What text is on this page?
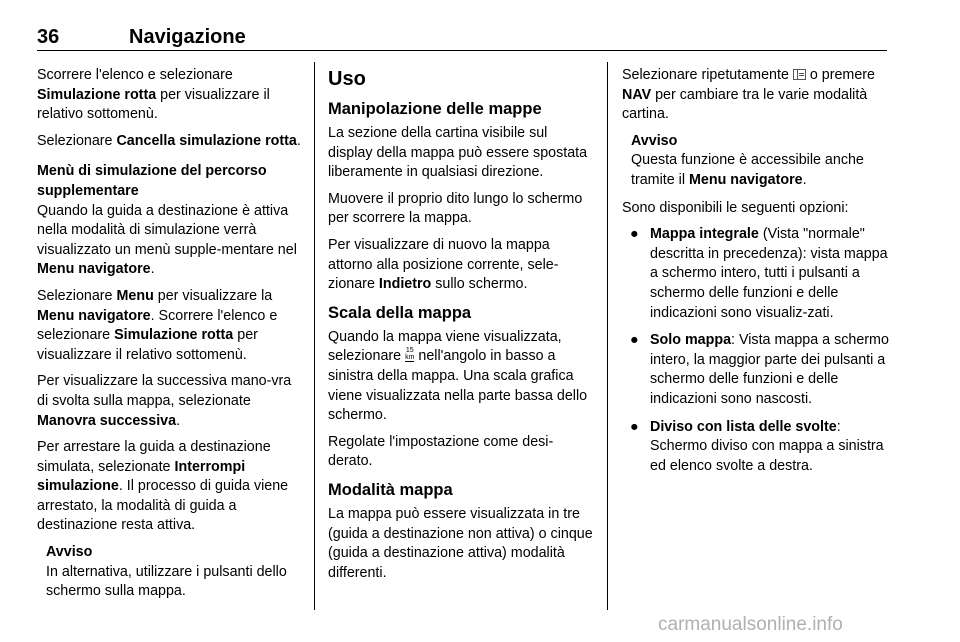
36	Navigazione

Scorrere l'elenco e selezionare Simulazione rotta per visualizzare il relativo sottomenù.

Selezionare Cancella simulazione rotta.

Menù di simulazione del percorso supplementare

Quando la guida a destinazione è attiva nella modalità di simulazione verrà visualizzato un menù supple‐mentare nel Menu navigatore.

Selezionare Menu per visualizzare la Menu navigatore. Scorrere l'elenco e selezionare Simulazione rotta per visualizzare il relativo sottomenù.

Per visualizzare la successiva mano‐vra di svolta sulla mappa, selezionate Manovra successiva.

Per arrestare la guida a destinazione simulata, selezionate Interrompi simulazione. Il processo di guida viene arrestato, la modalità di guida a destinazione resta attiva.

Avviso
In alternativa, utilizzare i pulsanti dello schermo sulla mappa.
Uso
Manipolazione delle mappe

La sezione della cartina visibile sul display della mappa può essere spostata liberamente in qualsiasi direzione.

Muovere il proprio dito lungo lo schermo per scorrere la mappa.

Per visualizzare di nuovo la mappa attorno alla posizione corrente, sele‐zionare Indietro sullo schermo.

Scala della mappa

Quando la mappa viene visualizzata, selezionare 15
km nell'angolo in basso a sinistra della mappa. Una scala grafica viene visualizzata nella parte bassa dello schermo.

Regolate l'impostazione come desi‐derato.

Modalità mappa

La mappa può essere visualizzata in tre (guida a destinazione non attiva) o cinque (guida a destinazione attiva) modalità differenti.

Selezionare ripetutamente  o premere NAV per cambiare tra le varie modalità cartina.

Avviso
Questa funzione è accessibile anche tramite il Menu navigatore.

Sono disponibili le seguenti opzioni:

● Mappa integrale (Vista "normale" descritta in precedenza): vista mappa a schermo intero, tutti i pulsanti a schermo delle funzioni e delle indicazioni sono visualiz‐zati.
● Solo mappa: Vista mappa a schermo intero, la maggior parte dei pulsanti a schermo delle funzioni e delle indicazioni sono nascosti.
● Diviso con lista delle svolte: Schermo diviso con mappa a sinistra ed elenco svolte a destra.
carmanualsonline.info
